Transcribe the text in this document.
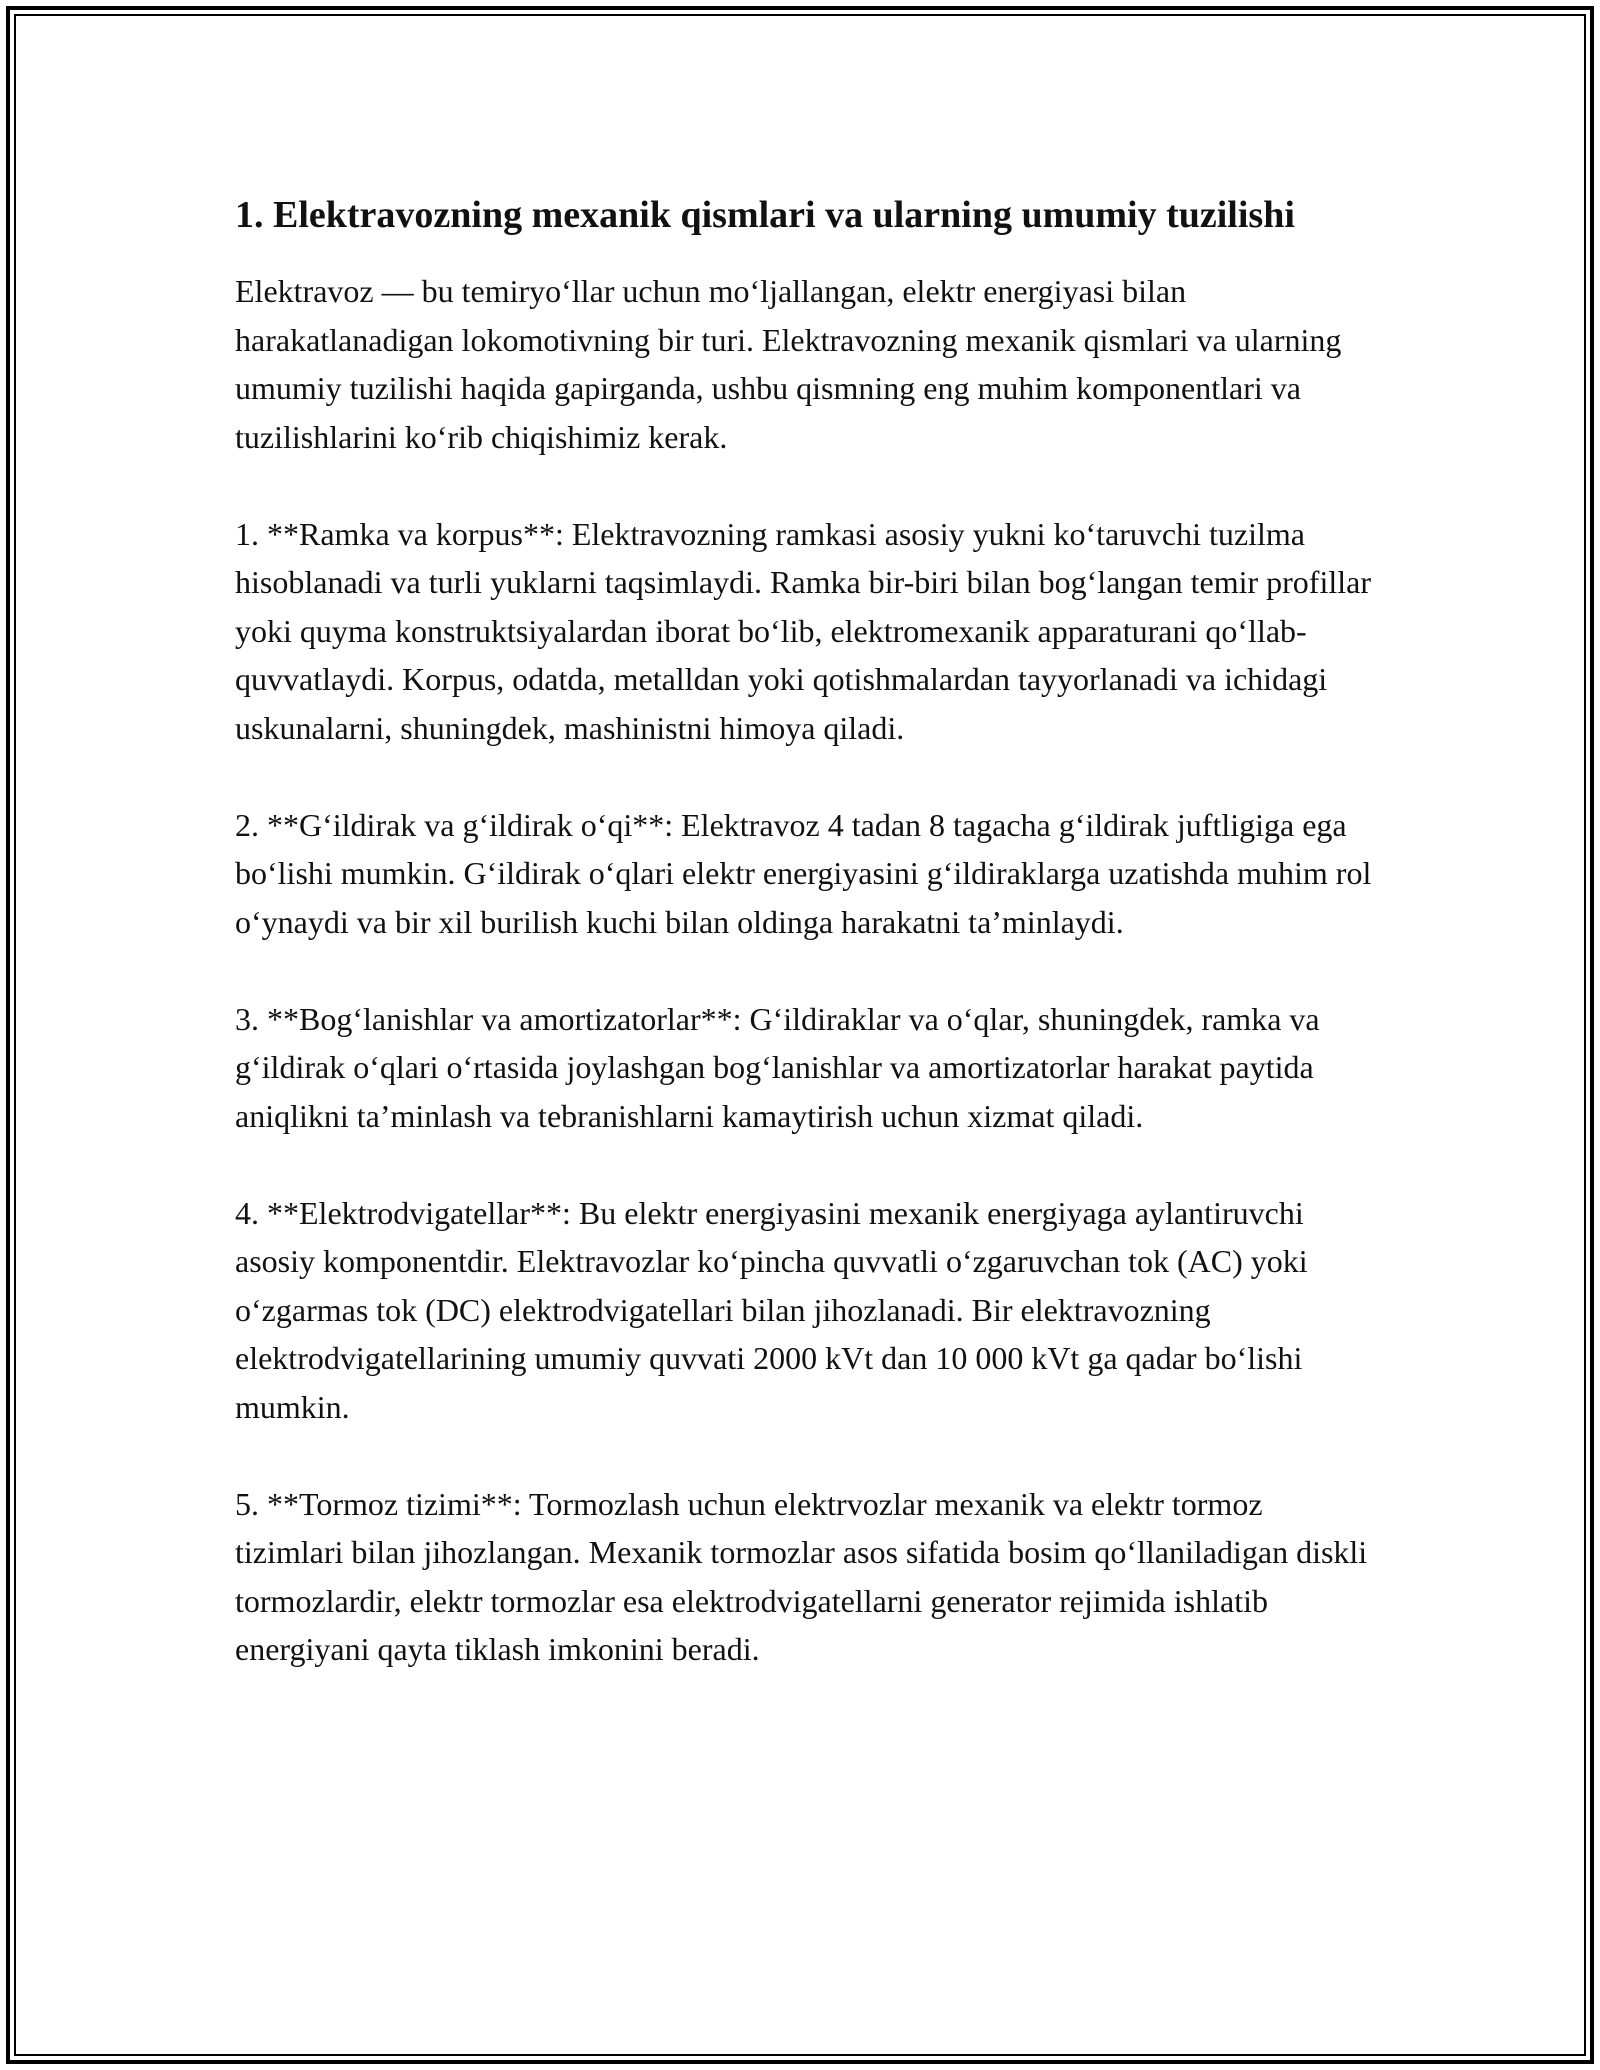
1. Elektravozning mexanik qismlari va ularning umumiy tuzilishi

Elektravoz — bu temiryo‘llar uchun mo‘ljallangan, elektr energiyasi bilan harakatlanadigan lokomotivning bir turi. Elektravozning mexanik qismlari va ularning umumiy tuzilishi haqida gapirganda, ushbu qismning eng muhim komponentlari va tuzilishlarini ko‘rib chiqishimiz kerak.

1. **Ramka va korpus**: Elektravozning ramkasi asosiy yukni ko‘taruvchi tuzilma hisoblanadi va turli yuklarni taqsimlaydi. Ramka bir-biri bilan bog‘langan temir profillar yoki quyma konstruktsiyalardan iborat bo‘lib, elektromexanik apparaturani qo‘llab-quvvatlaydi. Korpus, odatda, metalldan yoki qotishmalardan tayyorlanadi va ichidagi uskunalarni, shuningdek, mashinistni himoya qiladi.

2. **G‘ildirak va g‘ildirak o‘qi**: Elektravoz 4 tadan 8 tagacha g‘ildirak juftligiga ega bo‘lishi mumkin. G‘ildirak o‘qlari elektr energiyasini g‘ildiraklarga uzatishda muhim rol o‘ynaydi va bir xil burilish kuchi bilan oldinga harakatni ta’minlaydi.

3. **Bog‘lanishlar va amortizatorlar**: G‘ildiraklar va o‘qlar, shuningdek, ramka va g‘ildirak o‘qlari o‘rtasida joylashgan bog‘lanishlar va amortizatorlar harakat paytida aniqlikni ta’minlash va tebranishlarni kamaytirish uchun xizmat qiladi.

4. **Elektrodvigatellar**: Bu elektr energiyasini mexanik energiyaga aylantiruvchi asosiy komponentdir. Elektravozlar ko‘pincha quvvatli o‘zgaruvchan tok (AC) yoki o‘zgarmas tok (DC) elektrodvigatellari bilan jihozlanadi. Bir elektravozning elektrodvigatellarining umumiy quvvati 2000 kVt dan 10 000 kVt ga qadar bo‘lishi mumkin.

5. **Tormoz tizimi**: Tormozlash uchun elektrvozlar mexanik va elektr tormoz tizimlari bilan jihozlangan. Mexanik tormozlar asos sifatida bosim qo‘llaniladigan diskli tormozlardir, elektr tormozlar esa elektrodvigatellarni generator rejimida ishlatib energiyani qayta tiklash imkonini beradi.
